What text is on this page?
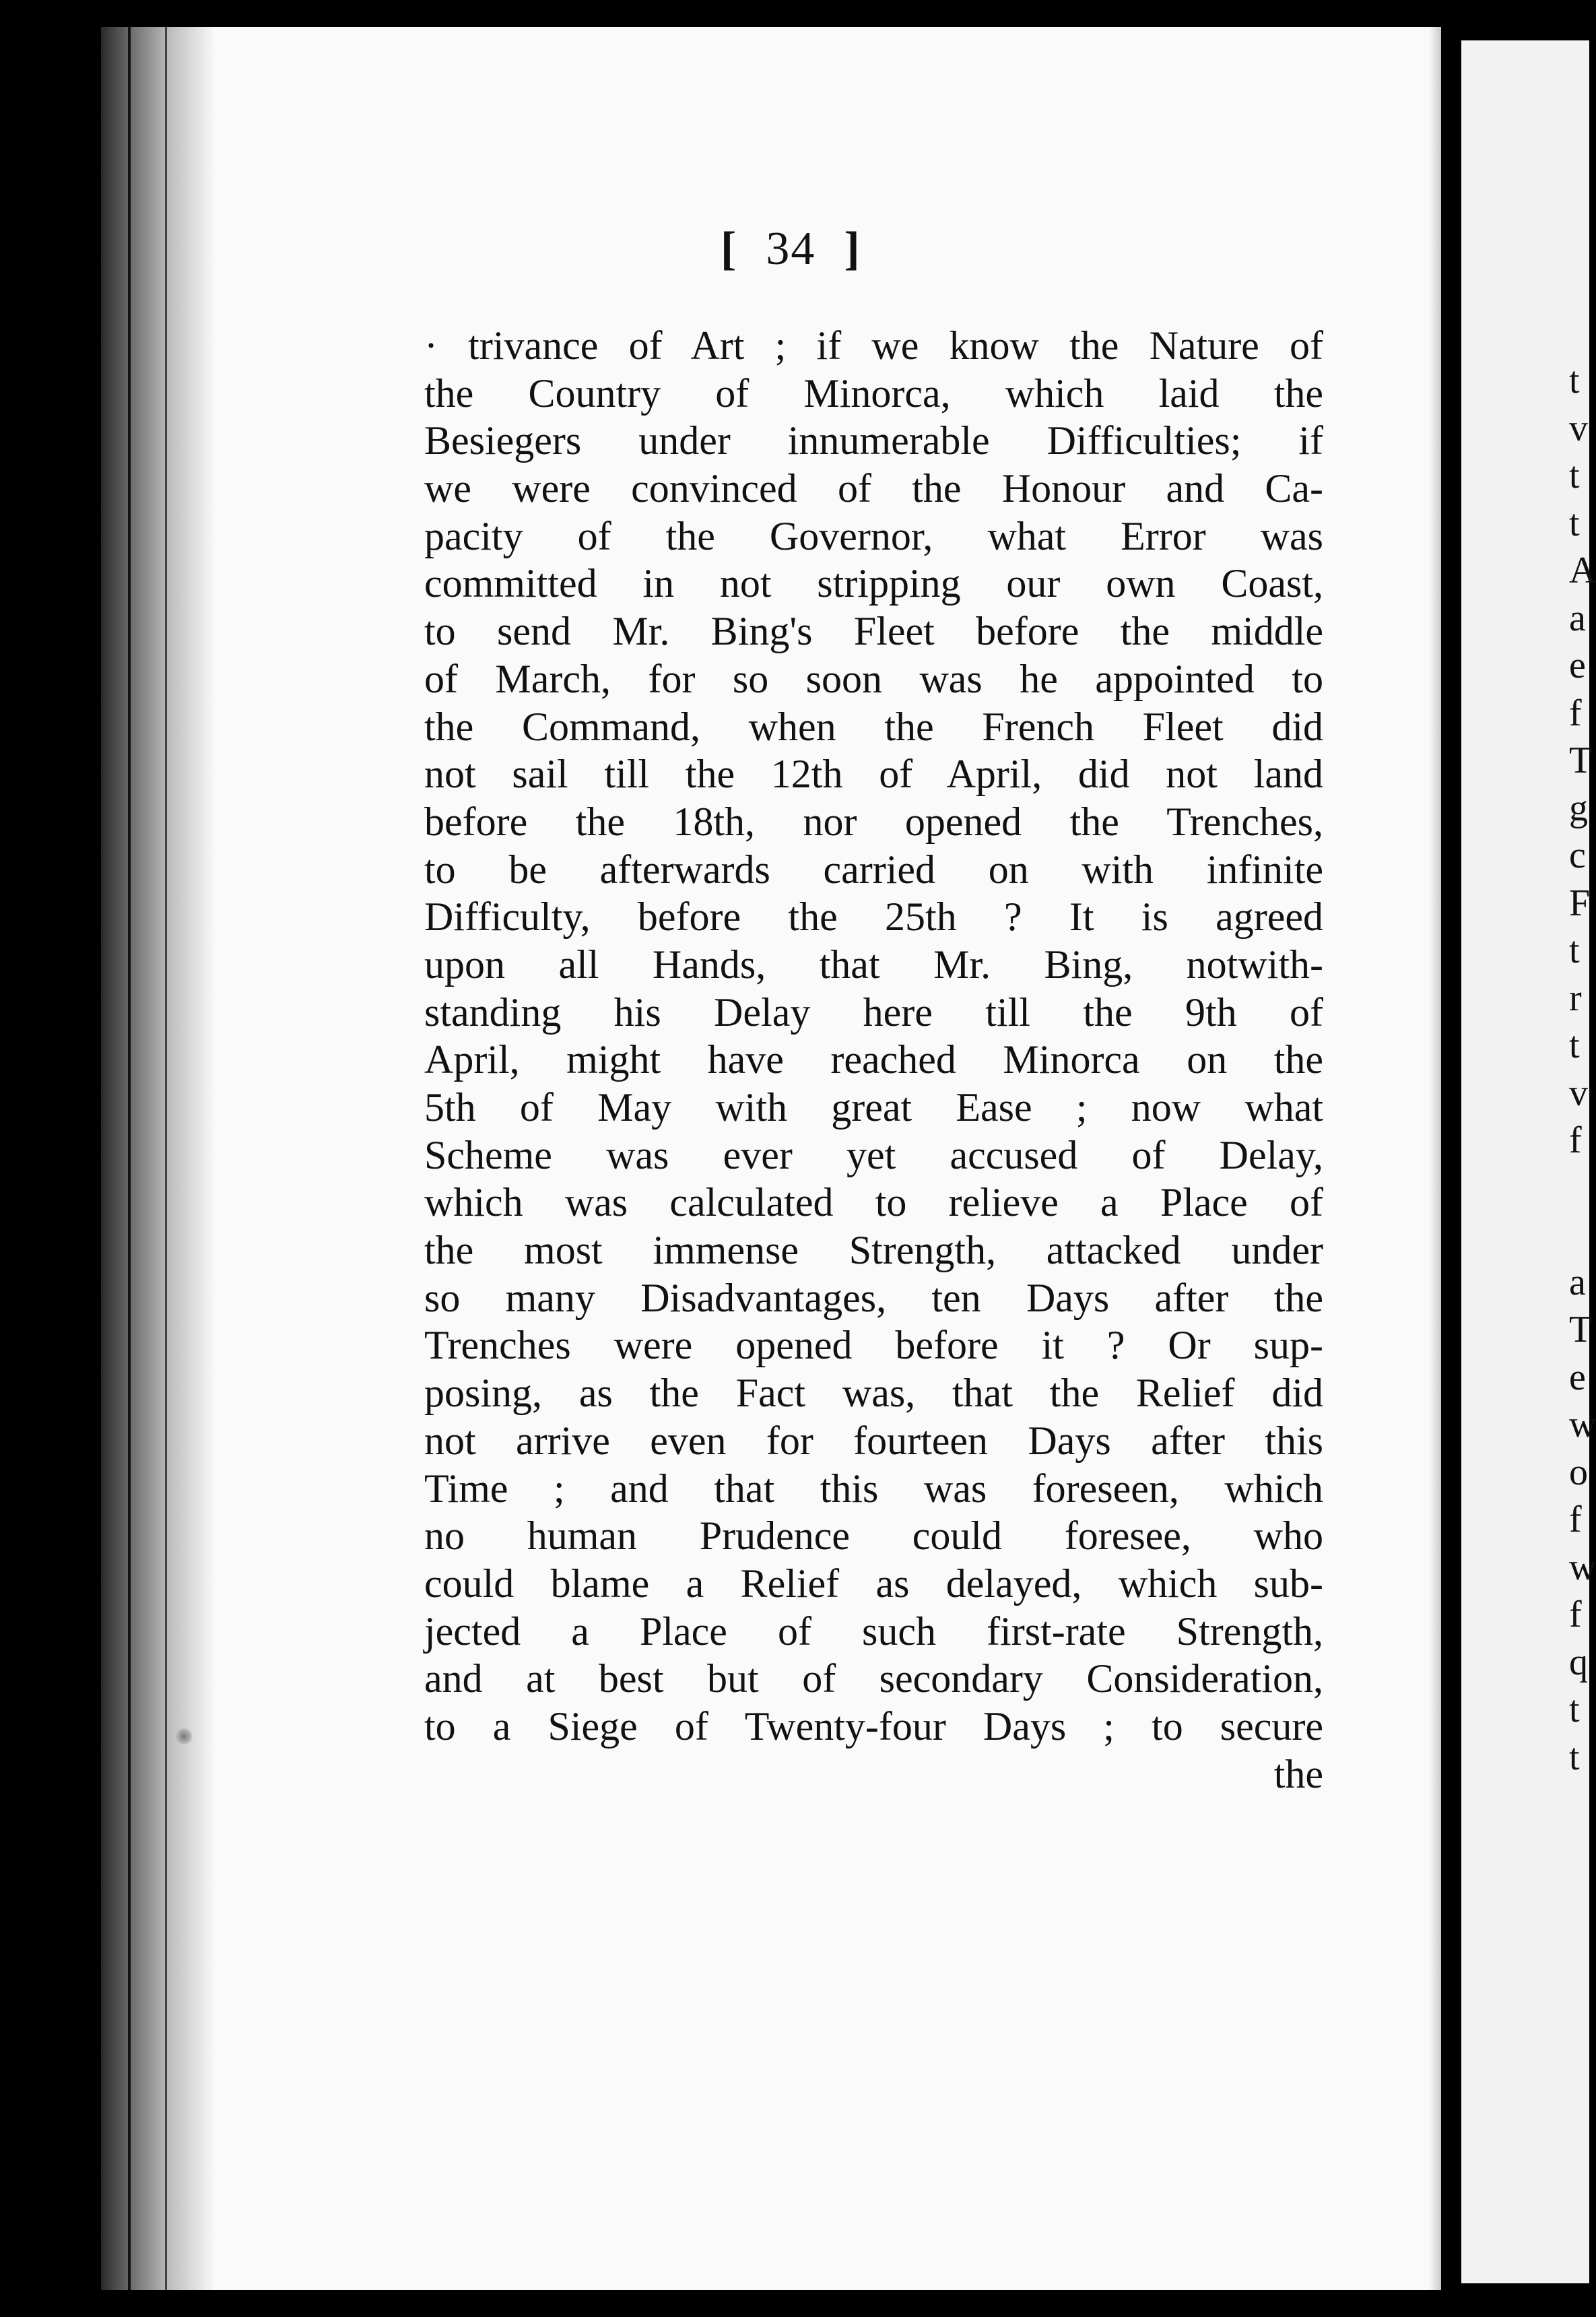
t
v
t
t
A
a
e
f
T
g
c
F
t
r
t
v
f
a
T
e
w
o
f
w
f
q
t
t
[ 34 ]
· trivance of Art ; if we know the Nature of
the Country of Minorca, which laid the
Besiegers under innumerable Difficulties; if
we were convinced of the Honour and Ca-
pacity of the Governor, what Error was
committed in not stripping our own Coast,
to send Mr. Bing's Fleet before the middle
of March, for so soon was he appointed to
the Command, when the French Fleet did
not sail till the 12th of April, did not land
before the 18th, nor opened the Trenches,
to be afterwards carried on with infinite
Difficulty, before the 25th ? It is agreed
upon all Hands, that Mr. Bing, notwith-
standing his Delay here till the 9th of
April, might have reached Minorca on the
5th of May with great Ease ; now what
Scheme was ever yet accused of Delay,
which was calculated to relieve a Place of
the most immense Strength, attacked under
so many Disadvantages, ten Days after the
Trenches were opened before it ? Or sup-
posing, as the Fact was, that the Relief did
not arrive even for fourteen Days after this
Time ; and that this was foreseen, which
no human Prudence could foresee, who
could blame a Relief as delayed, which sub-
jected a Place of such first-rate Strength,
and at best but of secondary Consideration,
to a Siege of Twenty-four Days ; to secure
the
